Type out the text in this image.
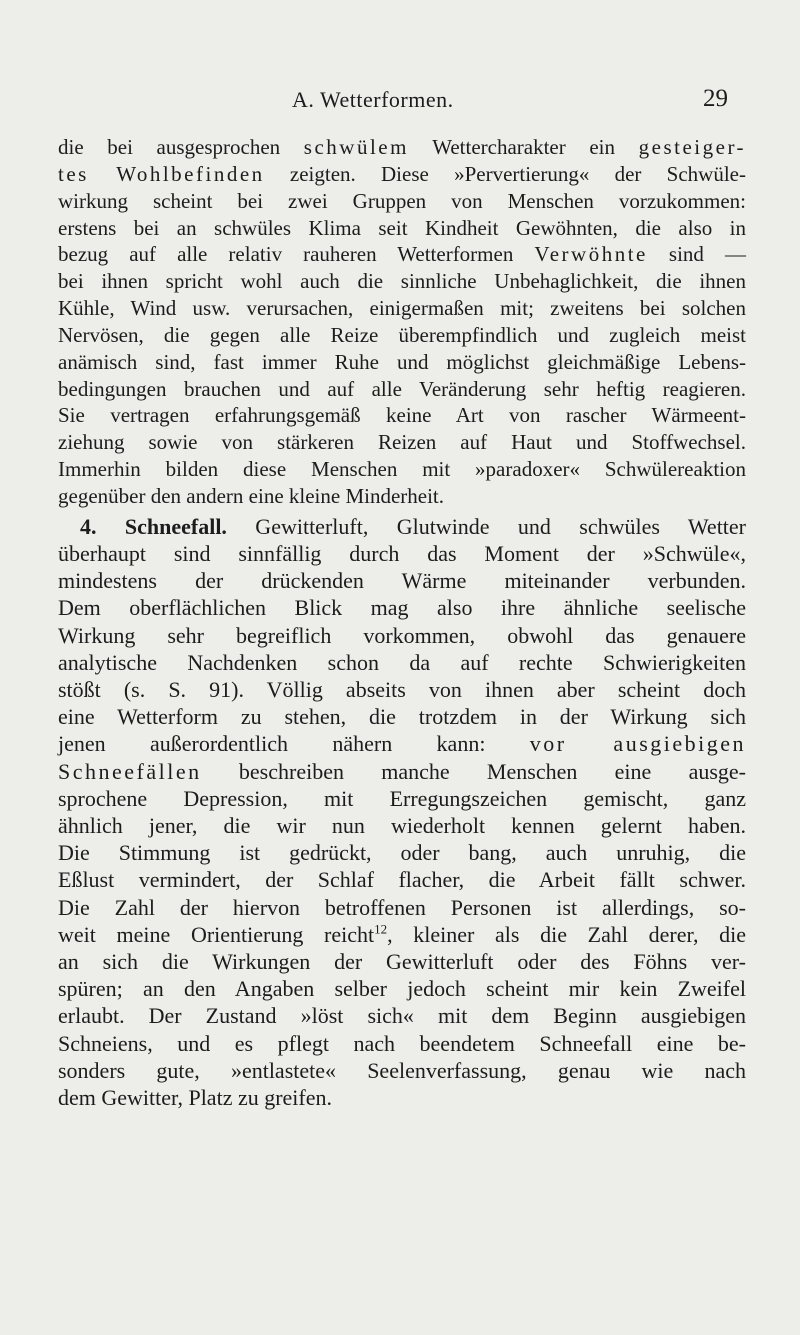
A. Wetterformen.	29
die bei ausgesprochen schwülem Wettercharakter ein gesteiger-
tes Wohlbefinden zeigten. Diese »Pervertierung« der Schwüle-
wirkung scheint bei zwei Gruppen von Menschen vorzukommen:
erstens bei an schwüles Klima seit Kindheit Gewöhnten, die also in
bezug auf alle relativ rauheren Wetterformen Verwöhnte sind —
bei ihnen spricht wohl auch die sinnliche Unbehaglichkeit, die ihnen
Kühle, Wind usw. verursachen, einigermaßen mit; zweitens bei solchen
Nervösen, die gegen alle Reize überempfindlich und zugleich meist
anämisch sind, fast immer Ruhe und möglichst gleichmäßige Lebens-
bedingungen brauchen und auf alle Veränderung sehr heftig reagieren.
Sie vertragen erfahrungsgemäß keine Art von rascher Wärmeent-
ziehung sowie von stärkeren Reizen auf Haut und Stoffwechsel.
Immerhin bilden diese Menschen mit »paradoxer« Schwülereaktion
gegenüber den andern eine kleine Minderheit.
4. Schneefall. Gewitterluft, Glutwinde und schwüles Wetter
überhaupt sind sinnfällig durch das Moment der »Schwüle«,
mindestens der drückenden Wärme miteinander verbunden.
Dem oberflächlichen Blick mag also ihre ähnliche seelische
Wirkung sehr begreiflich vorkommen, obwohl das genauere
analytische Nachdenken schon da auf rechte Schwierigkeiten
stößt (s. S. 91). Völlig abseits von ihnen aber scheint doch
eine Wetterform zu stehen, die trotzdem in der Wirkung sich
jenen außerordentlich nähern kann: vor ausgiebigen
Schneefällen beschreiben manche Menschen eine ausge-
sprochene Depression, mit Erregungszeichen gemischt, ganz
ähnlich jener, die wir nun wiederholt kennen gelernt haben.
Die Stimmung ist gedrückt, oder bang, auch unruhig, die
Eßlust vermindert, der Schlaf flacher, die Arbeit fällt schwer.
Die Zahl der hiervon betroffenen Personen ist allerdings, so-
weit meine Orientierung reicht$^{12}$, kleiner als die Zahl derer, die
an sich die Wirkungen der Gewitterluft oder des Föhns ver-
spüren; an den Angaben selber jedoch scheint mir kein Zweifel
erlaubt. Der Zustand »löst sich« mit dem Beginn ausgiebigen
Schneiens, und es pflegt nach beendetem Schneefall eine be-
sonders gute, »entlastete« Seelenverfassung, genau wie nach
dem Gewitter, Platz zu greifen.
